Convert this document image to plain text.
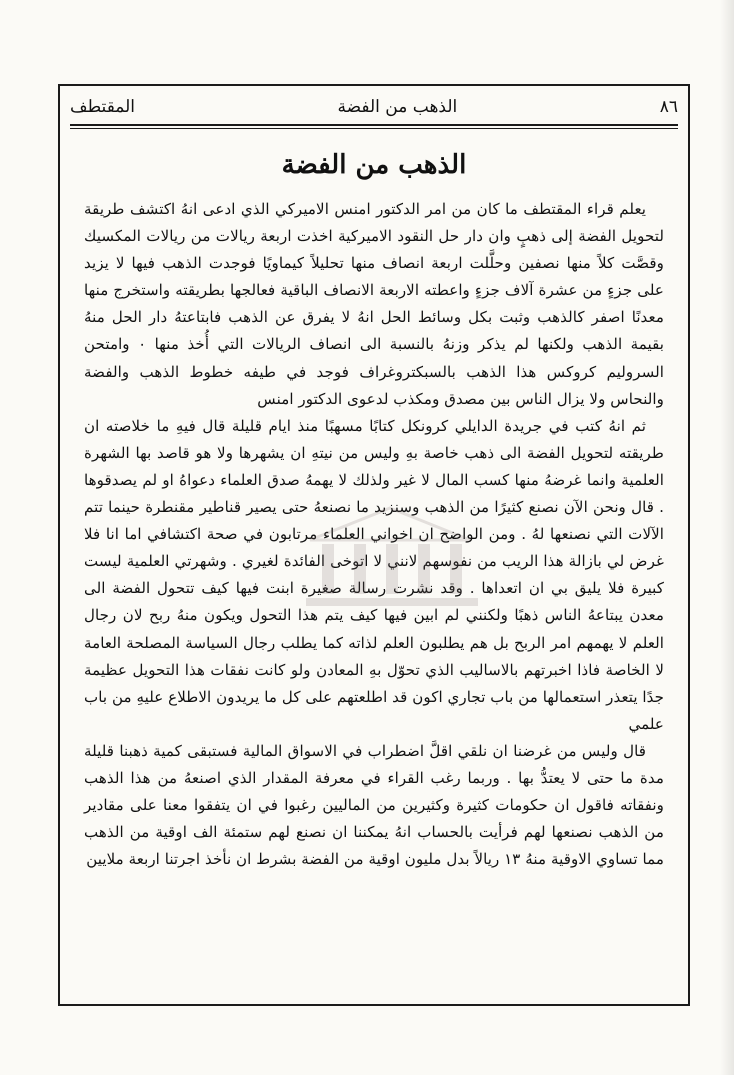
٨٦
الذهب من الفضة
المقتطف
الذهب من الفضة

يعلم قراء المقتطف ما كان من امر الدكتور امنس الاميركي الذي ادعى انهُ اكتشف طريقة لتحويل الفضة إلى ذهبٍ وان دار حل النقود الاميركية اخذت اربعة ريالات من ريالات المكسيك وقصَّت كلاً منها نصفين وحلَّلت اربعة انصاف منها تحليلاً كيماويًا فوجدت الذهب فيها لا يزيد على جزءٍ من عشرة آلاف جزءٍ واعطته الاربعة الانصاف الباقية فعالجها بطريقته واستخرج منها معدنًا اصفر كالذهب وثبت بكل وسائط الحل انهُ لا يفرق عن الذهب فابتاعتهُ دار الحل منهُ بقيمة الذهب ولكنها لم يذكر وزنهُ بالنسبة الى انصاف الريالات التي أُخذ منها ٠ وامتحن السروليم كروكس هذا الذهب بالسبكتروغراف فوجد في طيفه خطوط الذهب والفضة والنحاس ولا يزال الناس بين مصدق ومكذب لدعوى الدكتور امنس

ثم انهُ كتب في جريدة الدايلي كرونكل كتابًا مسهبًا منذ ايام قليلة قال فيهِ ما خلاصته ان طريقته لتحويل الفضة الى ذهب خاصة بهِ وليس من نيتهِ ان يشهرها ولا هو قاصد بها الشهرة العلمية وانما غرضهُ منها كسب المال لا غير ولذلك لا يهمهُ صدق العلماء دعواهُ او لم يصدقوها . قال ونحن الآن نصنع كثيرًا من الذهب وسنزيد ما نصنعهُ حتى يصير قناطير مقنطرة حينما تتم الآلات التي نصنعها لهُ . ومن الواضح ان اخواني العلماء مرتابون في صحة اكتشافي اما انا فلا غرض لي بازالة هذا الريب من نفوسهم لانني لا اتوخى الفائدة لغيري . وشهرتي العلمية ليست كبيرة فلا يليق بي ان اتعداها . وقد نشرت رسالة صغيرة ابنت فيها كيف تتحول الفضة الى معدن يبتاعهُ الناس ذهبًا ولكنني لم ابين فيها كيف يتم هذا التحول ويكون منهُ ربح لان رجال العلم لا يهمهم امر الربح بل هم يطلبون العلم لذاته كما يطلب رجال السياسة المصلحة العامة لا الخاصة فاذا اخبرتهم بالاساليب الذي تحوّل بهِ المعادن ولو كانت نفقات هذا التحويل عظيمة جدًا يتعذر استعمالها من باب تجاري اكون قد اطلعتهم على كل ما يريدون الاطلاع عليهِ من باب علمي

قال وليس من غرضنا ان نلقي اقلَّ اضطراب في الاسواق المالية فستبقى كمية ذهبنا قليلة مدة ما حتى لا يعتدُّ بها . وربما رغب القراء في معرفة المقدار الذي اصنعهُ من هذا الذهب ونفقاته فاقول ان حكومات كثيرة وكثيرين من الماليين رغبوا في ان يتفقوا معنا على مقادير من الذهب نصنعها لهم فرأيت بالحساب انهُ يمكننا ان نصنع لهم ستمئة الف اوقية من الذهب مما تساوي الاوقية منهُ ١٣ ريالاً بدل مليون اوقية من الفضة بشرط ان نأخذ اجرتنا اربعة ملايين
